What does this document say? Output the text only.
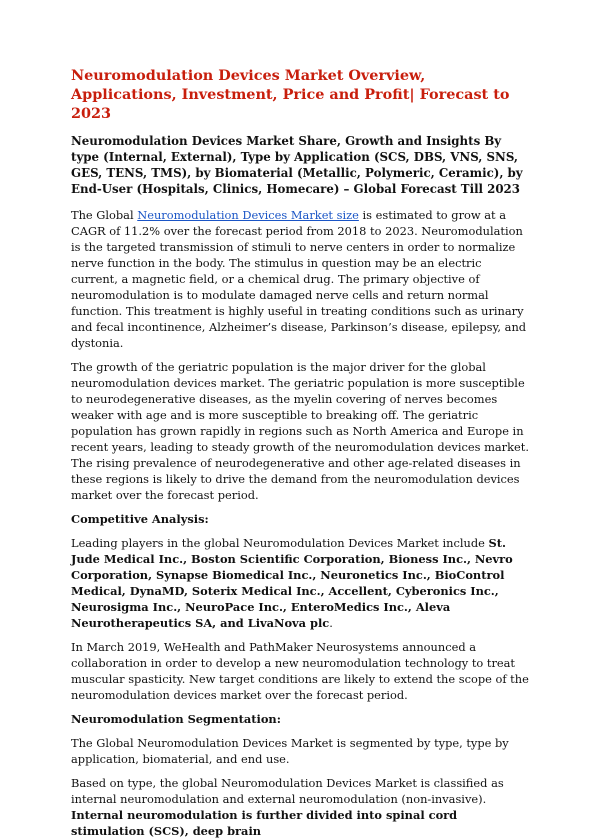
Neuromodulation Devices Market Overview, Applications, Investment, Price and Profit| Forecast to 2023
Neuromodulation Devices Market Share, Growth and Insights By type (Internal, External), Type by Application (SCS, DBS, VNS, SNS, GES, TENS, TMS), by Biomaterial (Metallic, Polymeric, Ceramic), by End-User (Hospitals, Clinics, Homecare) – Global Forecast Till 2023

The Global Neuromodulation Devices Market size is estimated to grow at a CAGR of 11.2% over the forecast period from 2018 to 2023. Neuromodulation is the targeted transmission of stimuli to nerve centers in order to normalize nerve function in the body. The stimulus in question may be an electric current, a magnetic field, or a chemical drug. The primary objective of neuromodulation is to modulate damaged nerve cells and return normal function. This treatment is highly useful in treating conditions such as urinary and fecal incontinence, Alzheimer’s disease, Parkinson’s disease, epilepsy, and dystonia.

The growth of the geriatric population is the major driver for the global neuromodulation devices market. The geriatric population is more susceptible to neurodegenerative diseases, as the myelin covering of nerves becomes weaker with age and is more susceptible to breaking off. The geriatric population has grown rapidly in regions such as North America and Europe in recent years, leading to steady growth of the neuromodulation devices market. The rising prevalence of neurodegenerative and other age-related diseases in these regions is likely to drive the demand from the neuromodulation devices market over the forecast period.

Competitive Analysis:

Leading players in the global Neuromodulation Devices Market include St. Jude Medical Inc., Boston Scientific Corporation, Bioness Inc., Nevro Corporation, Synapse Biomedical Inc., Neuronetics Inc., BioControl Medical, DynaMD, Soterix Medical Inc., Accellent, Cyberonics Inc., Neurosigma Inc., NeuroPace Inc., EnteroMedics Inc., Aleva Neurotherapeutics SA, and LivaNova plc.

In March 2019, WeHealth and PathMaker Neurosystems announced a collaboration in order to develop a new neuromodulation technology to treat muscular spasticity. New target conditions are likely to extend the scope of the neuromodulation devices market over the forecast period.

Neuromodulation Segmentation:

The Global Neuromodulation Devices Market is segmented by type, type by application, biomaterial, and end use.

Based on type, the global Neuromodulation Devices Market is classified as internal neuromodulation and external neuromodulation (non-invasive). Internal neuromodulation is further divided into spinal cord stimulation (SCS), deep brain
